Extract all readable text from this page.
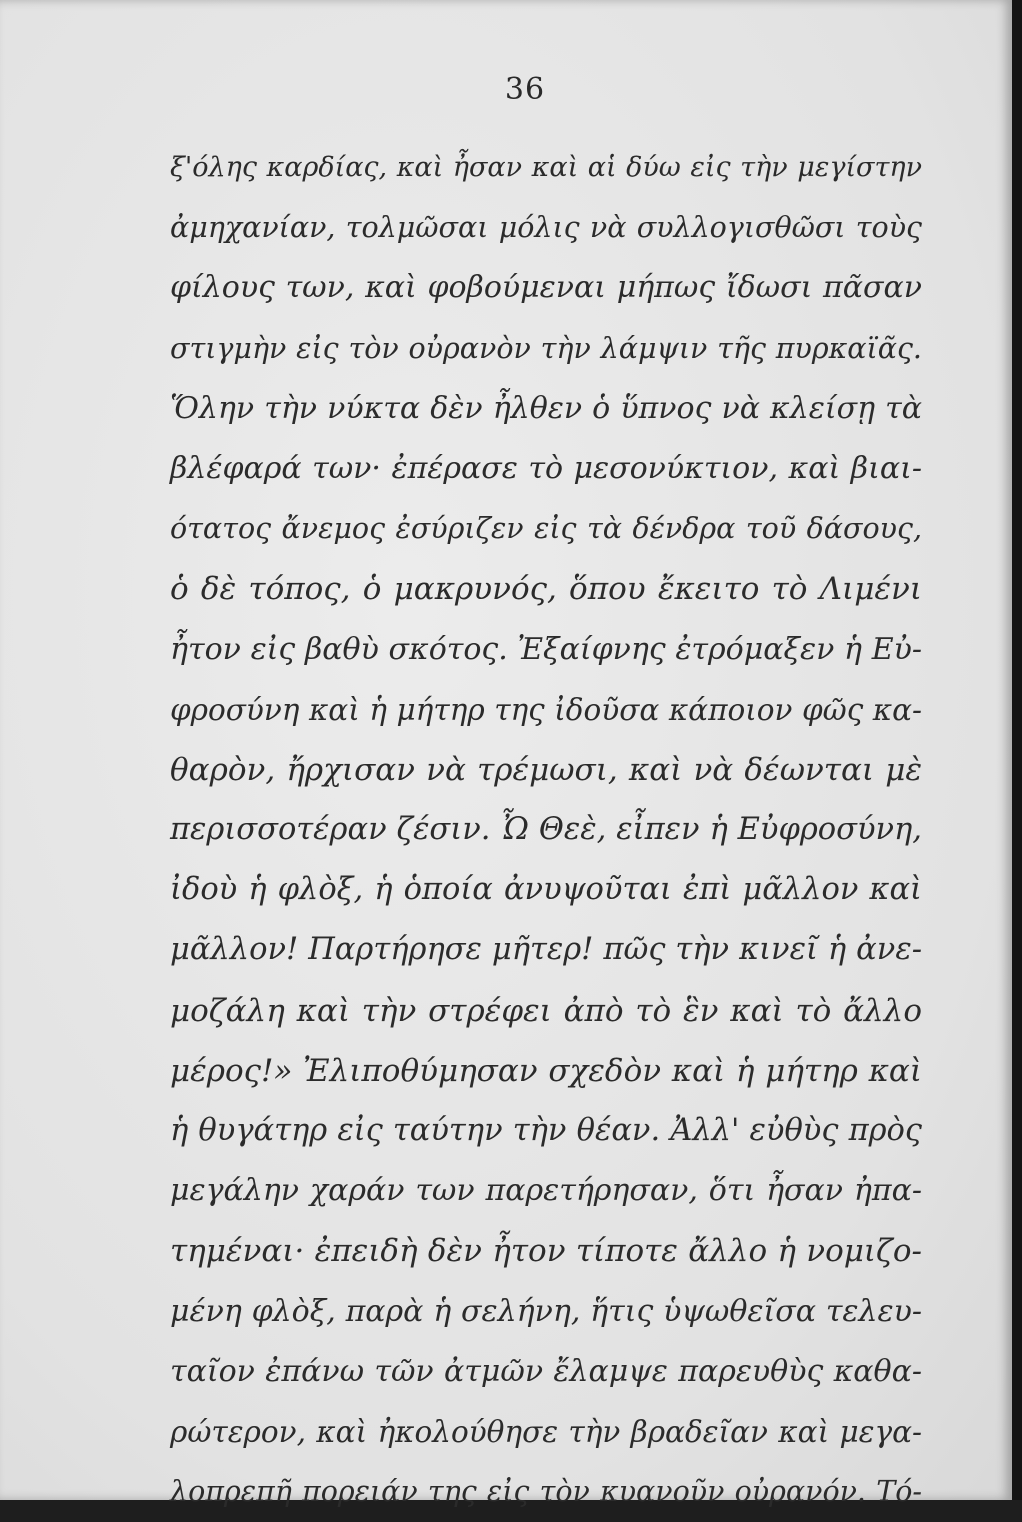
36
ξ'όλης καρδίας, καὶ ἦσαν καὶ αἱ δύω εἰς τὴν μεγίστην
ἀμηχανίαν, τολμῶσαι μόλις νὰ συλλογισθῶσι τοὺς
φίλους των, καὶ φοβούμεναι μήπως ἴδωσι πᾶσαν
στιγμὴν εἰς τὸν οὐρανὸν τὴν λάμψιν τῆς πυρκαϊᾶς.
Ὅλην τὴν νύκτα δὲν ἦλθεν ὁ ὕπνος νὰ κλείσῃ τὰ
βλέφαρά των· ἐπέρασε τὸ μεσονύκτιον, καὶ βιαι-
ότατος ἄνεμος ἐσύριζεν εἰς τὰ δένδρα τοῦ δάσους,
ὁ δὲ τόπος, ὁ μακρυνός, ὅπου ἔκειτο τὸ Λιμένι
ἦτον εἰς βαθὺ σκότος. Ἐξαίφνης ἐτρόμαξεν ἡ Εὐ-
φροσύνη καὶ ἡ μήτηρ της ἰδοῦσα κάποιον φῶς κα-
θαρὸν, ἤρχισαν νὰ τρέμωσι, καὶ νὰ δέωνται μὲ
περισσοτέραν ζέσιν. Ὦ Θεὲ, εἶπεν ἡ Εὐφροσύνη,
ἰδοὺ ἡ φλὸξ, ἡ ὁποία ἀνυψοῦται ἐπὶ μᾶλλον καὶ
μᾶλλον! Παρτήρησε μῆτερ! πῶς τὴν κινεῖ ἡ ἀνε-
μοζάλη καὶ τὴν στρέφει ἀπὸ τὸ ἓν καὶ τὸ ἄλλο
μέρος!» Ἐλιποθύμησαν σχεδὸν καὶ ἡ μήτηρ καὶ
ἡ θυγάτηρ εἰς ταύτην τὴν θέαν. Ἀλλ' εὐθὺς πρὸς
μεγάλην χαράν των παρετήρησαν, ὅτι ἦσαν ἠπα-
τημέναι· ἐπειδὴ δὲν ἦτον τίποτε ἄλλο ἡ νομιζο-
μένη φλὸξ, παρὰ ἡ σελήνη, ἥτις ὑψωθεῖσα τελευ-
ταῖον ἐπάνω τῶν ἀτμῶν ἔλαμψε παρευθὺς καθα-
ρώτερον, καὶ ἠκολούθησε τὴν βραδεῖαν καὶ μεγα-
λοπρεπῆ πορειάν της εἰς τὸν κυανοῦν οὐρανόν. Τό-
